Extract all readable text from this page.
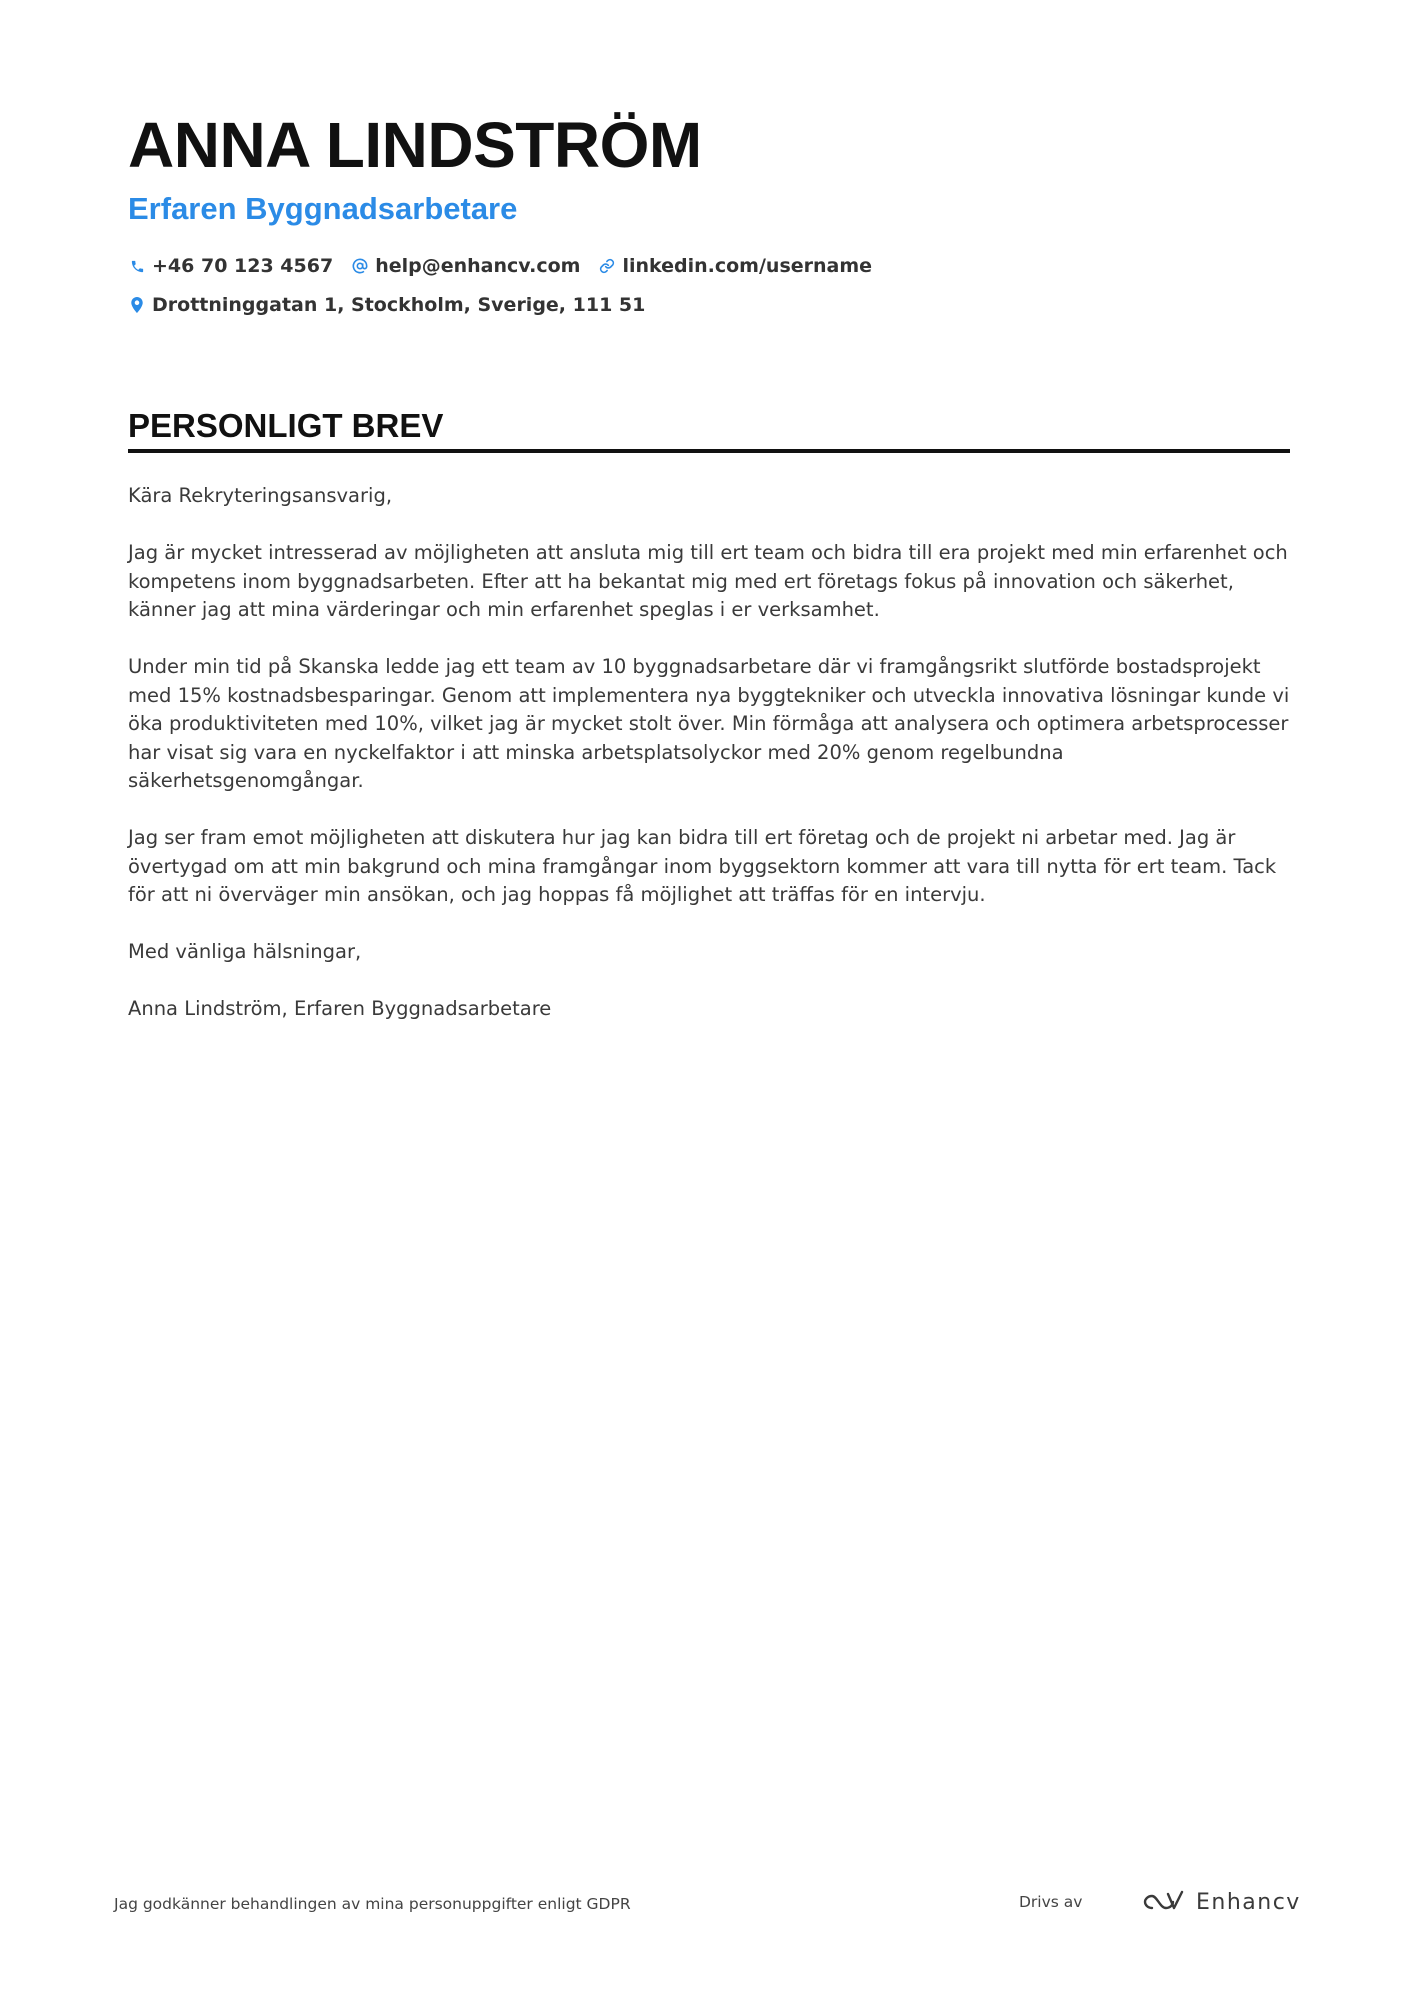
ANNA LINDSTRÖM
Erfaren Byggnadsarbetare
+46 70 123 4567 help@enhancv.com linkedin.com/username
Drottninggatan 1, Stockholm, Sverige, 111 51
PERSONLIGT BREV

Kära Rekryteringsansvarig,

Jag är mycket intresserad av möjligheten att ansluta mig till ert team och bidra till era projekt med min erfarenhet och kompetens inom byggnadsarbeten. Efter att ha bekantat mig med ert företags fokus på innovation och säkerhet, känner jag att mina värderingar och min erfarenhet speglas i er verksamhet.

Under min tid på Skanska ledde jag ett team av 10 byggnadsarbetare där vi framgångsrikt slutförde bostadsprojekt med 15% kostnadsbesparingar. Genom att implementera nya byggtekniker och utveckla innovativa lösningar kunde vi öka produktiviteten med 10%, vilket jag är mycket stolt över. Min förmåga att analysera och optimera arbetsprocesser har visat sig vara en nyckelfaktor i att minska arbetsplatsolyckor med 20% genom regelbundna säkerhetsgenomgångar.

Jag ser fram emot möjligheten att diskutera hur jag kan bidra till ert företag och de projekt ni arbetar med. Jag är övertygad om att min bakgrund och mina framgångar inom byggsektorn kommer att vara till nytta för ert team. Tack för att ni överväger min ansökan, och jag hoppas få möjlighet att träffas för en intervju.

Med vänliga hälsningar,

Anna Lindström, Erfaren Byggnadsarbetare

Jag godkänner behandlingen av mina personuppgifter enligt GDPR	Drivs av	Enhancv
